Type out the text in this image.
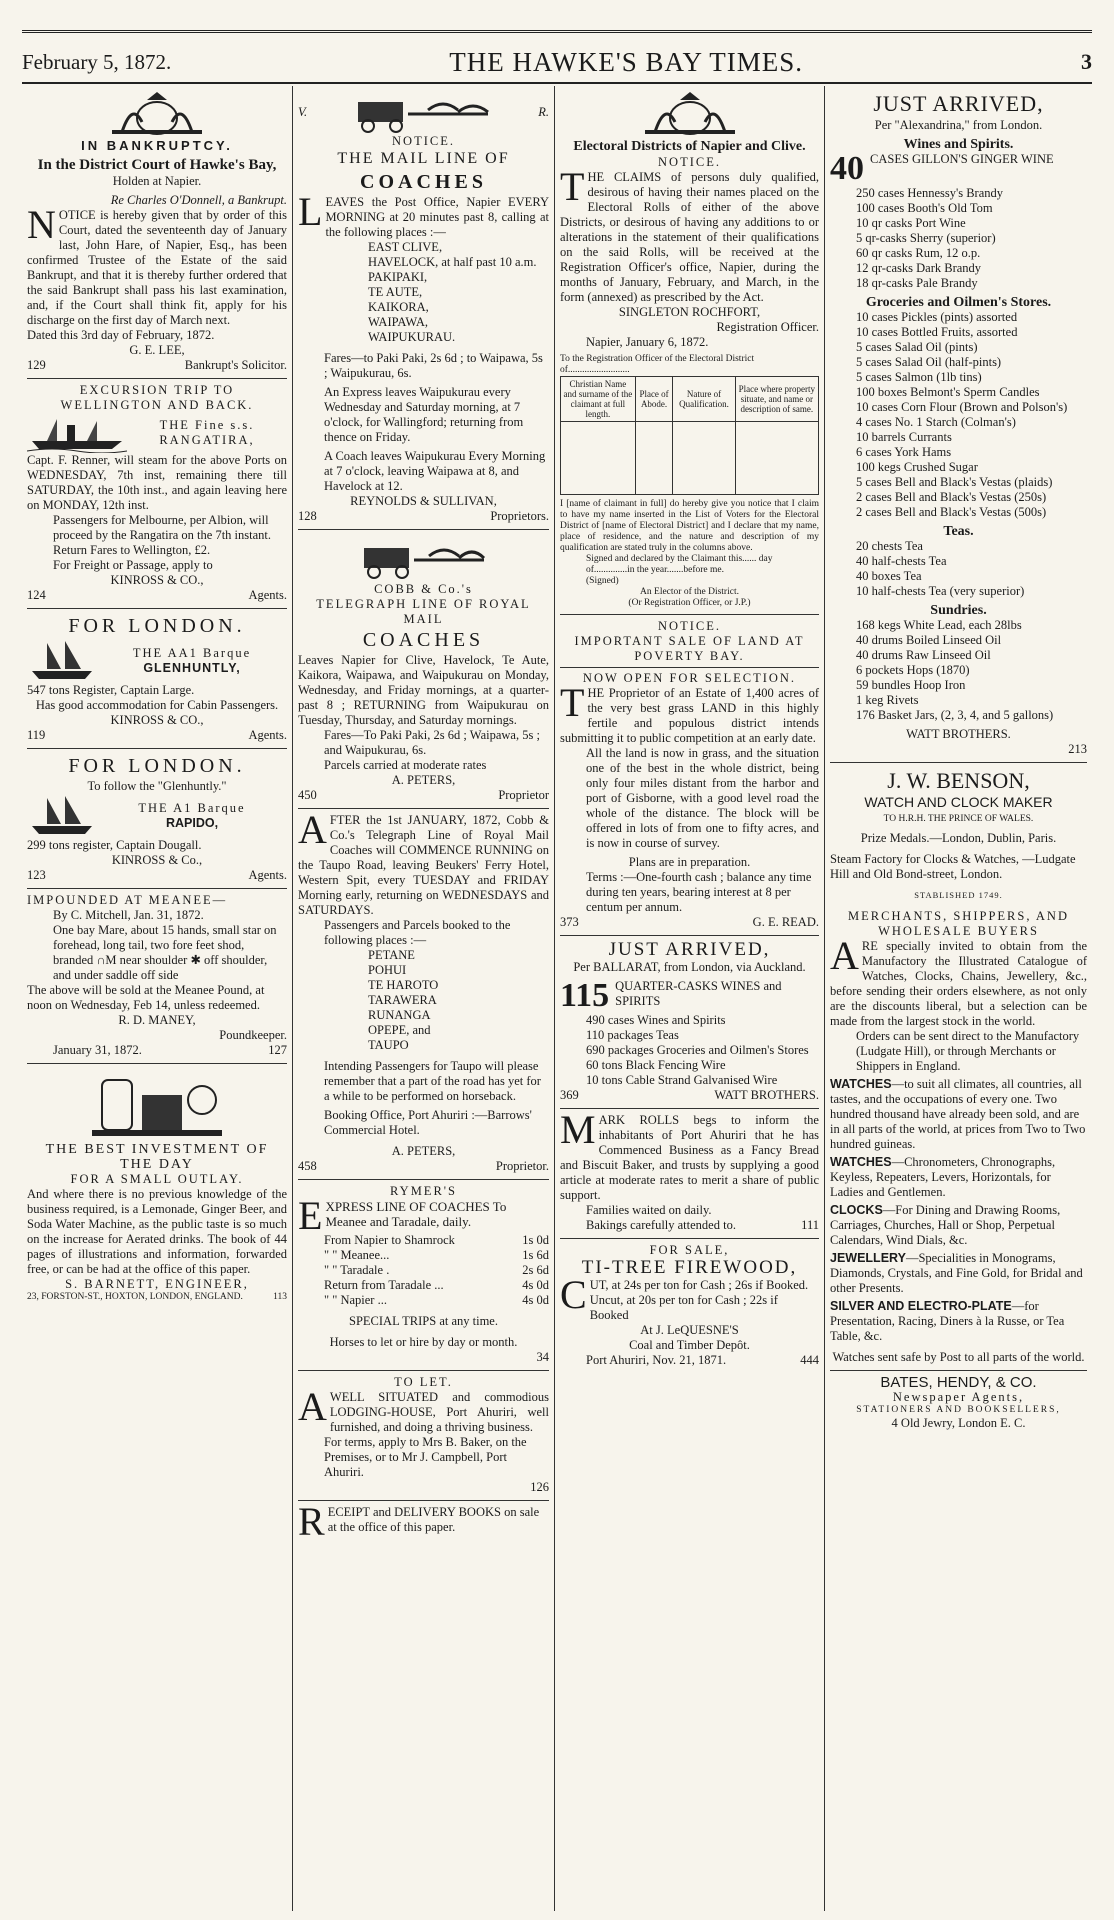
February 5, 1872.	THE HAWKE'S BAY TIMES.	3
IN BANKRUPTCY.
In the District Court of Hawke's Bay,
Holden at Napier.
Re Charles O'Donnell, a Bankrupt.
NOTICE is hereby given that by order of this Court, dated the seventeenth day of January last, John Hare, of Napier, Esq., has been confirmed Trustee of the Estate of the said Bankrupt, and that it is thereby further ordered that the said Bankrupt shall pass his last examination, and, if the Court shall think fit, apply for his discharge on the first day of March next.
Dated this 3rd day of February, 1872.
G. E. LEE,
129	Bankrupt's Solicitor.
EXCURSION TRIP TO WELLINGTON AND BACK.
THE Fine s.s.
RANGATIRA,
Capt. F. Renner, will steam for the above Ports on WEDNESDAY, 7th inst, remaining there till SATURDAY, the 10th inst., and again leaving here on MONDAY, 12th inst.
Passengers for Melbourne, per Albion, will proceed by the Rangatira on the 7th instant.
Return Fares to Wellington, £2.
For Freight or Passage, apply to
KINROSS & CO.,
124	Agents.
FOR LONDON.
THE AA1 Barque
GLENHUNTLY,
547 tons Register, Captain Large.
Has good accommodation for Cabin Passengers.
KINROSS & CO.,
119	Agents.
FOR LONDON.
To follow the "Glenhuntly."
THE A1 Barque
RAPIDO,
299 tons register, Captain Dougall.
KINROSS & Co.,
123	Agents.
IMPOUNDED AT MEANEE—
By C. Mitchell, Jan. 31, 1872.
One bay Mare, about 15 hands, small star on forehead, long tail, two fore feet shod, branded ∩M near shoulder ✱ off shoulder, and under saddle off side
The above will be sold at the Meanee Pound, at noon on Wednesday, Feb 14, unless redeemed.
R. D. MANEY,
Poundkeeper.
January 31, 1872.	127
THE BEST INVESTMENT OF THE DAY
FOR A SMALL OUTLAY.
And where there is no previous knowledge of the business required, is a Lemonade, Ginger Beer, and Soda Water Machine, as the public taste is so much on the increase for Aerated drinks. The book of 44 pages of illustrations and information, forwarded free, or can be had at the office of this paper.
S. BARNETT, ENGINEER,
23, FORSTON-ST., HOXTON, LONDON, ENGLAND.	113
V.	R.
NOTICE.
THE MAIL LINE OF
COACHES
LEAVES the Post Office, Napier EVERY MORNING at 20 minutes past 8, calling at the following places :—
EAST CLIVE,
HAVELOCK, at half past 10 a.m.
PAKIPAKI,
TE AUTE,
KAIKORA,
WAIPAWA,
WAIPUKURAU.
Fares—to Paki Paki, 2s 6d ; to Waipawa, 5s ; Waipukurau, 6s.
An Express leaves Waipukurau every Wednesday and Saturday morning, at 7 o'clock, for Wallingford; returning from thence on Friday.
A Coach leaves Waipukurau Every Morning at 7 o'clock, leaving Waipawa at 8, and Havelock at 12.
REYNOLDS & SULLIVAN,
128	Proprietors.
COBB & Co.'s
TELEGRAPH LINE OF ROYAL MAIL
COACHES
Leaves Napier for Clive, Havelock, Te Aute, Kaikora, Waipawa, and Waipukurau on Monday, Wednesday, and Friday mornings, at a quarter-past 8 ; RETURNING from Waipukurau on Tuesday, Thursday, and Saturday mornings.
Fares—To Paki Paki, 2s 6d ; Waipawa, 5s ; and Waipukurau, 6s.
Parcels carried at moderate rates
A. PETERS,
450	Proprietor
AFTER the 1st JANUARY, 1872, Cobb & Co.'s Telegraph Line of Royal Mail Coaches will COMMENCE RUNNING on the Taupo Road, leaving Beukers' Ferry Hotel, Western Spit, every TUESDAY and FRIDAY Morning early, returning on WEDNESDAYS and SATURDAYS.
Passengers and Parcels booked to the following places :—
PETANE
POHUI
TE HAROTO
TARAWERA
RUNANGA
OPEPE, and
TAUPO
Intending Passengers for Taupo will please remember that a part of the road has yet for a while to be performed on horseback.
Booking Office, Port Ahuriri :—Barrows' Commercial Hotel.
A. PETERS,
458	Proprietor.
RYMER'S
EXPRESS LINE OF COACHES To Meanee and Taradale, daily.
From Napier to Shamrock	1s 0d
" " Meanee...	1s 6d
" " Taradale .	2s 6d
Return from Taradale ...	4s 0d
" " Napier ...	4s 0d
SPECIAL TRIPS at any time.
Horses to let or hire by day or month.
34
TO LET.
AWELL SITUATED and commodious LODGING-HOUSE, Port Ahuriri, well furnished, and doing a thriving business.
For terms, apply to Mrs B. Baker, on the Premises, or to Mr J. Campbell, Port Ahuriri.
126
RECEIPT and DELIVERY BOOKS on sale at the office of this paper.
Electoral Districts of Napier and Clive.
NOTICE.
THE CLAIMS of persons duly qualified, desirous of having their names placed on the Electoral Rolls of either of the above Districts, or desirous of having any additions to or alterations in the statement of their qualifications on the said Rolls, will be received at the Registration Officer's office, Napier, during the months of January, February, and March, in the form (annexed) as prescribed by the Act.
SINGLETON ROCHFORT,
Registration Officer.
Napier, January 6, 1872.
To the Registration Officer of the Electoral District of..........................
Christian Name and surname of the claimant at full length.	Place of Abode.	Nature of Qualification.	Place where property situate, and name or description of same.

I [name of claimant in full] do hereby give you notice that I claim to have my name inserted in the List of Voters for the Electoral District of [name of Electoral District] and I declare that my name, place of residence, and the nature and description of my qualification are stated truly in the columns above.
Signed and declared by the Claimant this...... day of..............in the year.......before me.
(Signed)
An Elector of the District.
(Or Registration Officer, or J.P.)
NOTICE.
IMPORTANT SALE OF LAND AT POVERTY BAY.
NOW OPEN FOR SELECTION.
THE Proprietor of an Estate of 1,400 acres of the very best grass LAND in this highly fertile and populous district intends submitting it to public competition at an early date.
All the land is now in grass, and the situation one of the best in the whole district, being only four miles distant from the harbor and port of Gisborne, with a good level road the whole of the distance. The block will be offered in lots of from one to fifty acres, and is now in course of survey.
Plans are in preparation.
Terms :—One-fourth cash ; balance any time during ten years, bearing interest at 8 per centum per annum.
373	G. E. READ.
JUST ARRIVED,
Per BALLARAT, from London, via Auckland.
115 QUARTER-CASKS WINES and SPIRITS
490 cases Wines and Spirits
110 packages Teas
690 packages Groceries and Oilmen's Stores
60 tons Black Fencing Wire
10 tons Cable Strand Galvanised Wire
369	WATT BROTHERS.
MARK ROLLS begs to inform the inhabitants of Port Ahuriri that he has Commenced Business as a Fancy Bread and Biscuit Baker, and trusts by supplying a good article at moderate rates to merit a share of public support.
Families waited on daily.
Bakings carefully attended to.	111
FOR SALE,
TI-TREE FIREWOOD,
CUT, at 24s per ton for Cash ; 26s if Booked.
Uncut, at 20s per ton for Cash ; 22s if Booked
At J. LeQUESNE'S
Coal and Timber Depôt.
Port Ahuriri, Nov. 21, 1871.	444
JUST ARRIVED,
Per "Alexandrina," from London.
Wines and Spirits.
40 CASES GILLON'S GINGER WINE
250 cases Hennessy's Brandy
100 cases Booth's Old Tom
10 qr casks Port Wine
5 qr-casks Sherry (superior)
60 qr casks Rum, 12 o.p.
12 qr-casks Dark Brandy
18 qr-casks Pale Brandy
Groceries and Oilmen's Stores.
10 cases Pickles (pints) assorted
10 cases Bottled Fruits, assorted
5 cases Salad Oil (pints)
5 cases Salad Oil (half-pints)
5 cases Salmon (1lb tins)
100 boxes Belmont's Sperm Candles
10 cases Corn Flour (Brown and Polson's)
4 cases No. 1 Starch (Colman's)
10 barrels Currants
6 cases York Hams
100 kegs Crushed Sugar
5 cases Bell and Black's Vestas (plaids)
2 cases Bell and Black's Vestas (250s)
2 cases Bell and Black's Vestas (500s)
Teas.
20 chests Tea
40 half-chests Tea
40 boxes Tea
10 half-chests Tea (very superior)
Sundries.
168 kegs White Lead, each 28lbs
40 drums Boiled Linseed Oil
40 drums Raw Linseed Oil
6 pockets Hops (1870)
59 bundles Hoop Iron
1 keg Rivets
176 Basket Jars, (2, 3, 4, and 5 gallons)
WATT BROTHERS.
213
J. W. BENSON,
WATCH AND CLOCK MAKER
TO H.R.H. THE PRINCE OF WALES.
Prize Medals.—London, Dublin, Paris.
Steam Factory for Clocks & Watches, —Ludgate Hill and Old Bond-street, London.
STABLISHED 1749.
MERCHANTS, SHIPPERS, AND WHOLESALE BUYERS
ARE specially invited to obtain from the Manufactory the Illustrated Catalogue of Watches, Clocks, Chains, Jewellery, &c., before sending their orders elsewhere, as not only are the discounts liberal, but a selection can be made from the largest stock in the world.
Orders can be sent direct to the Manufactory (Ludgate Hill), or through Merchants or Shippers in England.
WATCHES—to suit all climates, all countries, all tastes, and the occupations of every one. Two hundred thousand have already been sold, and are in all parts of the world, at prices from Two to Two hundred guineas.
WATCHES—Chronometers, Chronographs, Keyless, Repeaters, Levers, Horizontals, for Ladies and Gentlemen.
CLOCKS—For Dining and Drawing Rooms, Carriages, Churches, Hall or Shop, Perpetual Calendars, Wind Dials, &c.
JEWELLERY—Specialities in Monograms, Diamonds, Crystals, and Fine Gold, for Bridal and other Presents.
SILVER AND ELECTRO-PLATE—for Presentation, Racing, Diners à la Russe, or Tea Table, &c.
Watches sent safe by Post to all parts of the world.
BATES, HENDY, & CO.
Newspaper Agents,
STATIONERS AND BOOKSELLERS,
4 Old Jewry, London E. C.
